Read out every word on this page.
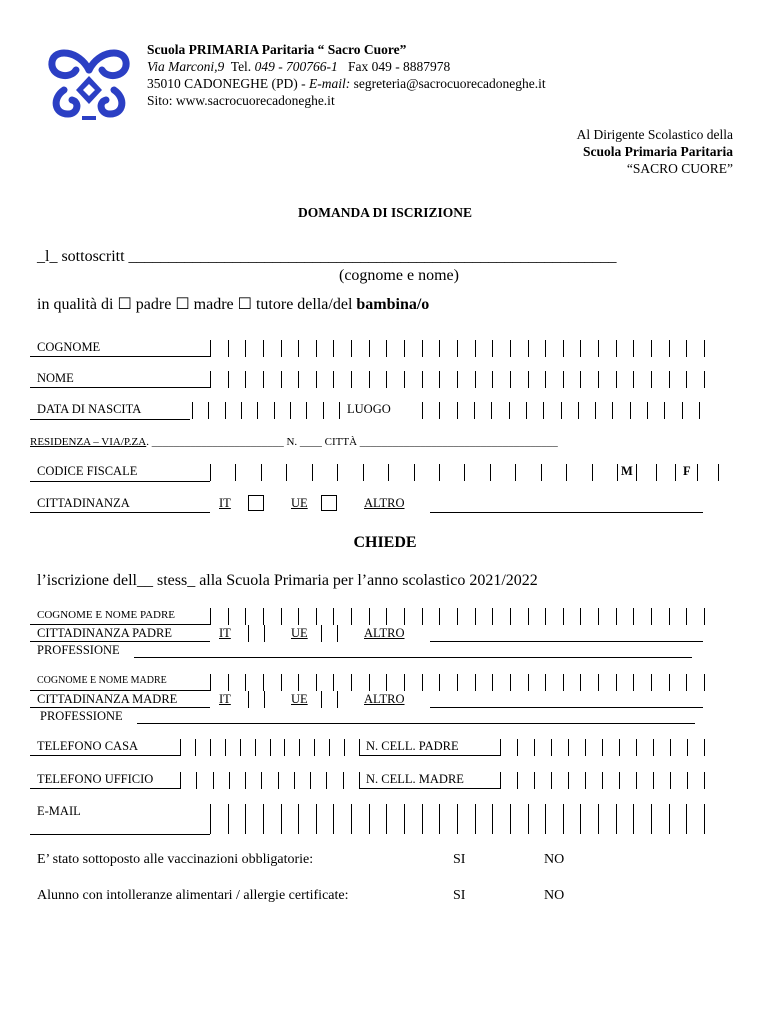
Scuola PRIMARIA Paritaria “ Sacro Cuore”
Via Marconi,9 Tel. 049 - 700766-1 Fax 049 - 8887978
35010 CADONEGHE (PD) - E-mail: segreteria@sacrocuorecadoneghe.it
Sito: www.sacrocuorecadoneghe.it
Al Dirigente Scolastico della
Scuola Primaria Paritaria
“SACRO CUORE”
DOMANDA DI ISCRIZIONE
_l_ sottoscritt _____________________________________________________________
(cognome e nome)
in qualità di ☐ padre ☐ madre ☐ tutore della/del bambina/o
COGNOME
NOME
DATA DI NASCITA	LUOGO
RESIDENZA – VIA/P.ZA. ________________________ N. ____ CITTÀ ____________________________________
CODICE FISCALE	M	F
CITTADINANZA	IT	UE	ALTRO
CHIEDE
l’iscrizione dell__ stess_ alla Scuola Primaria per l’anno scolastico 2021/2022
COGNOME E NOME PADRE
CITTADINANZA PADRE	IT	UE	ALTRO
PROFESSIONE
COGNOME E NOME MADRE
CITTADINANZA MADRE	IT	UE	ALTRO
PROFESSIONE
TELEFONO CASA	N. CELL. PADRE
TELEFONO UFFICIO	N. CELL. MADRE
E-MAIL
E’ stato sottoposto alle vaccinazioni obbligatorie:	SI	NO
Alunno con intolleranze alimentari / allergie certificate:	SI	NO
